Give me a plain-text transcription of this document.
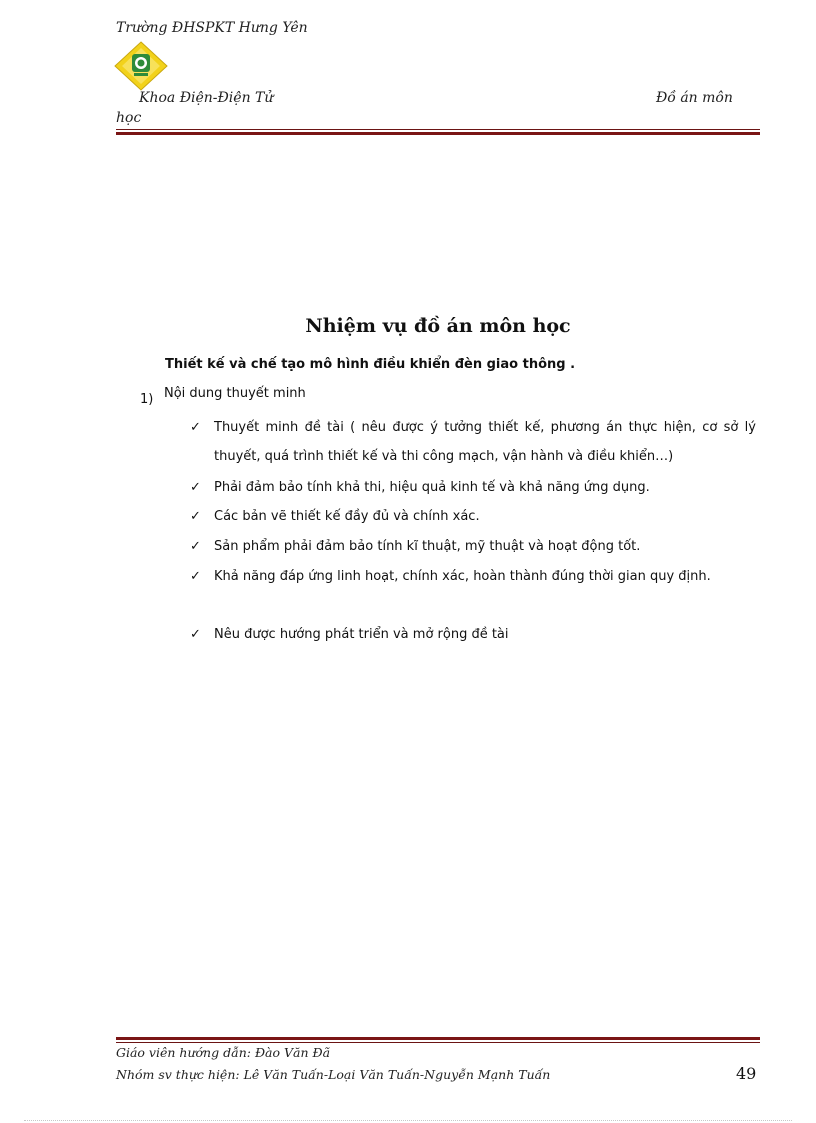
Trường ĐHSPKT Hưng Yên
Khoa Điện-Điện Tử	Đồ án môn
học
Nhiệm vụ đồ án môn học
Thiết kế và chế tạo mô hình điều khiển đèn giao thông .
1) Nội dung thuyết minh
✓	Thuyết minh đề tài ( nêu được ý tưởng thiết kế, phương án thực hiện, cơ sở lý thuyết, quá trình thiết kế và thi công mạch, vận hành và điều khiển…)
✓	Phải đảm bảo tính khả thi, hiệu quả kinh tế và khả năng ứng dụng.
✓	Các bản vẽ thiết kế đầy đủ và chính xác.
✓	Sản phẩm phải đảm bảo tính kĩ thuật, mỹ thuật và hoạt động tốt.
✓	Khả năng đáp ứng linh hoạt, chính xác, hoàn thành đúng thời gian quy định.
✓	Nêu được hướng phát triển và mở rộng đề tài
Giáo viên hướng dẫn: Đào Văn Đã
Nhóm sv thực hiện: Lê Văn Tuấn-Loại Văn Tuấn-Nguyễn Mạnh Tuấn	49
